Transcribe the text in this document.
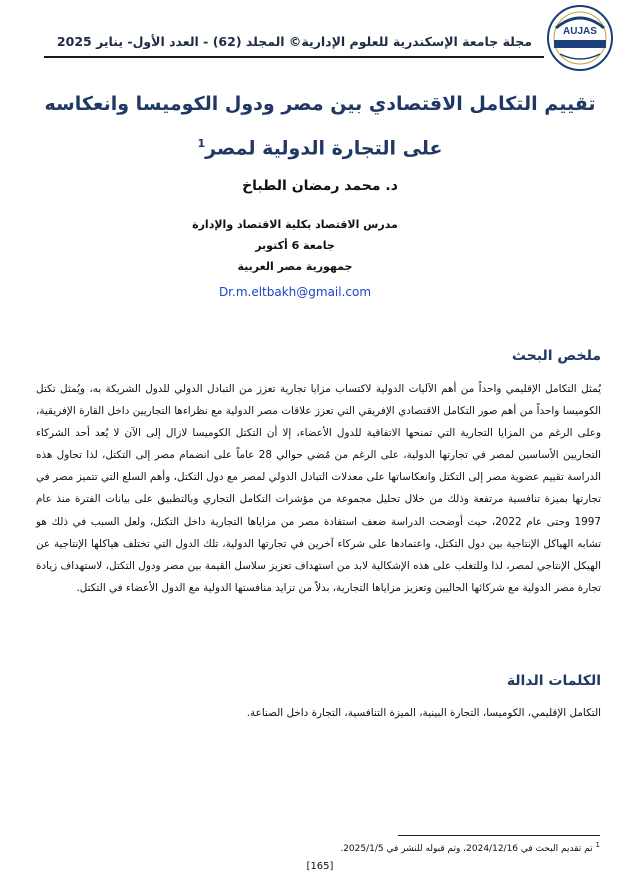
AUJAS
مجلة جامعة الإسكندرية للعلوم الإدارية© المجلد (62) - العدد الأول- يناير 2025
تقييم التكامل الاقتصادي بين مصر ودول الكوميسا وانعكاسه
على التجارة الدولية لمصر$^1$
د. محمد رمضان الطباخ
مدرس الاقتصاد بكلية الاقتصاد والإدارة
جامعة 6 أكتوبر
جمهورية مصر العربية
Dr.m.eltbakh@gmail.com
ملخص البحث

يُمثل التكامل الإقليمي واحداً من أهم الآليات الدولية لاكتساب مزايا تجارية تعزز من التبادل الدولي للدول الشريكة به، ويُمثل تكتل الكوميسا واحداً من أهم صور التكامل الاقتصادي الإفريقي التي تعزز علاقات مصر الدولية مع نظراءها التجاريين داخل القارة الإفريقية، وعلى الرغم من المزايا التجارية التي تمنحها الاتفاقية للدول الأعضاء، إلا أن التكتل الكوميسا لازال إلى الآن لا يُعد أحد الشركاء التجاريين الأساسين لمصر في تجارتها الدولية، على الرغم من مُضي حوالي 28 عاماً على انضمام مصر إلى التكتل، لذا تحاول هذه الدراسة تقييم عضوية مصر إلى التكتل وانعكاساتها على معدلات التبادل الدولي لمصر مع دول التكتل، وأهم السلع التي تتميز مصر في تجارتها بميزة تنافسية مرتفعة وذلك من خلال تحليل مجموعة من مؤشرات التكامل التجاري وبالتطبيق على بيانات الفترة منذ عام 1997 وحتى عام 2022، حيث أوضحت الدراسة ضعف استفادة مصر من مزاياها التجارية داخل التكتل، ولعل السبب في ذلك هو تشابه الهياكل الإنتاجية بين دول التكتل، واعتمادها على شركاء آخرين في تجارتها الدولية، تلك الدول التي تختلف هياكلها الإنتاجية عن الهيكل الإنتاجي لمصر، لذا وللتغلب على هذه الإشكالية لابد من استهداف تعزيز سلاسل القيمة بين مصر ودول التكتل، لاستهداف زيادة تجارة مصر الدولية مع شركائها الحاليين وتعزيز مزاياها التجارية، بدلاً من تزايد منافستها الدولية مع الدول الأعضاء في التكتل.

الكلمات الدالة

التكامل الإقليمي، الكوميسا، التجارة البينية، الميزة التنافسية، التجارة داخل الصناعة.

$^1$ تم تقديم البحث في 2024/12/16، وتم قبوله للنشر في 2025/1/5.
[165]
